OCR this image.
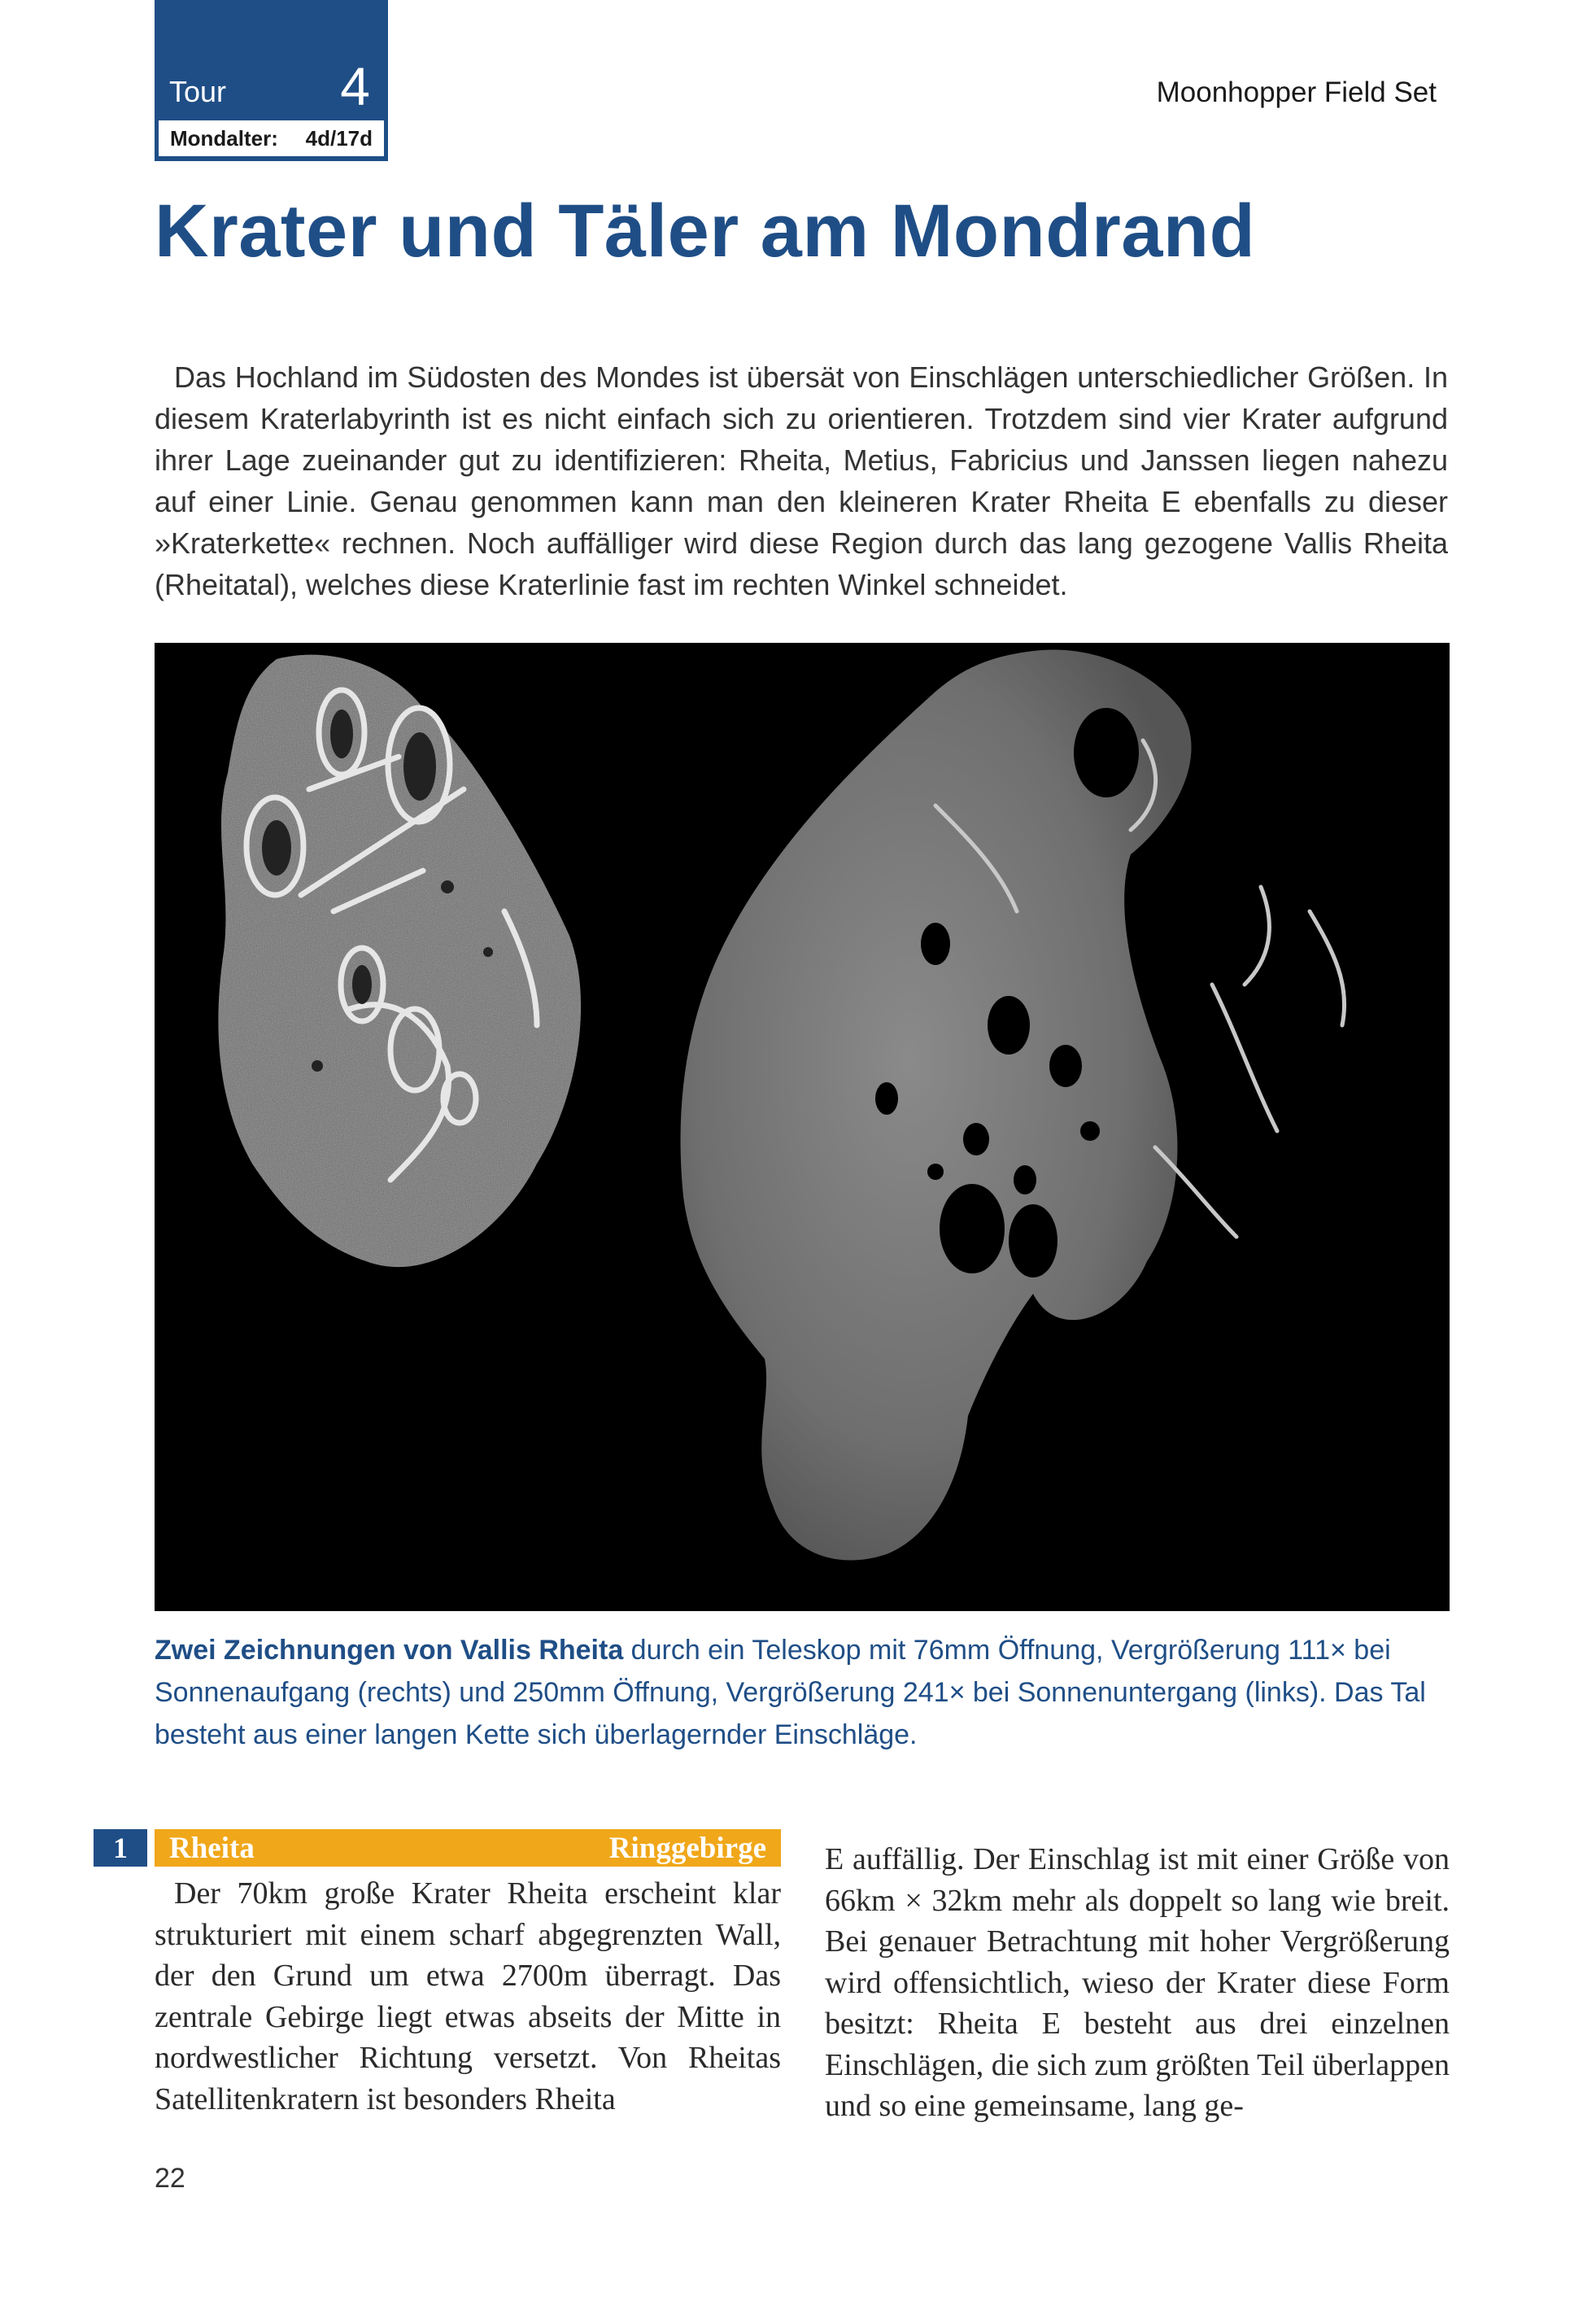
Tour 4
Mondalter: 4d/17d
Moonhopper Field Set
Krater und Täler am Mondrand

Das Hochland im Südosten des Mondes ist übersät von Einschlägen unterschiedlicher Größen. In diesem Kraterlabyrinth ist es nicht einfach sich zu orientieren. Trotzdem sind vier Krater aufgrund ihrer Lage zueinander gut zu identifizieren: Rheita, Metius, Fabricius und Janssen liegen nahezu auf einer Linie. Genau genommen kann man den kleineren Krater Rheita E ebenfalls zu dieser »Kraterkette« rechnen. Noch auffälliger wird diese Region durch das lang gezogene Vallis Rheita (Rheitatal), welches diese Kraterlinie fast im rechten Winkel schneidet.

Zwei Zeichnungen von Vallis Rheita durch ein Teleskop mit 76mm Öffnung, Vergrößerung 111× bei Sonnenaufgang (rechts) und 250mm Öffnung, Vergrößerung 241× bei Sonnenuntergang (links). Das Tal besteht aus einer langen Kette sich überlagernder Einschläge.
1	Rheita	Ringgebirge

Der 70km große Krater Rheita erscheint klar strukturiert mit einem scharf abgegrenzten Wall, der den Grund um etwa 2700m überragt. Das zentrale Gebirge liegt etwas abseits der Mitte in nordwestlicher Richtung versetzt. Von Rheitas Satellitenkratern ist besonders Rheita

E auffällig. Der Einschlag ist mit einer Größe von 66km × 32km mehr als doppelt so lang wie breit. Bei genauer Betrachtung mit hoher Vergrößerung wird offensichtlich, wieso der Krater diese Form besitzt: Rheita E besteht aus drei einzelnen Einschlägen, die sich zum größten Teil überlappen und so eine gemeinsame, lang ge-

22
